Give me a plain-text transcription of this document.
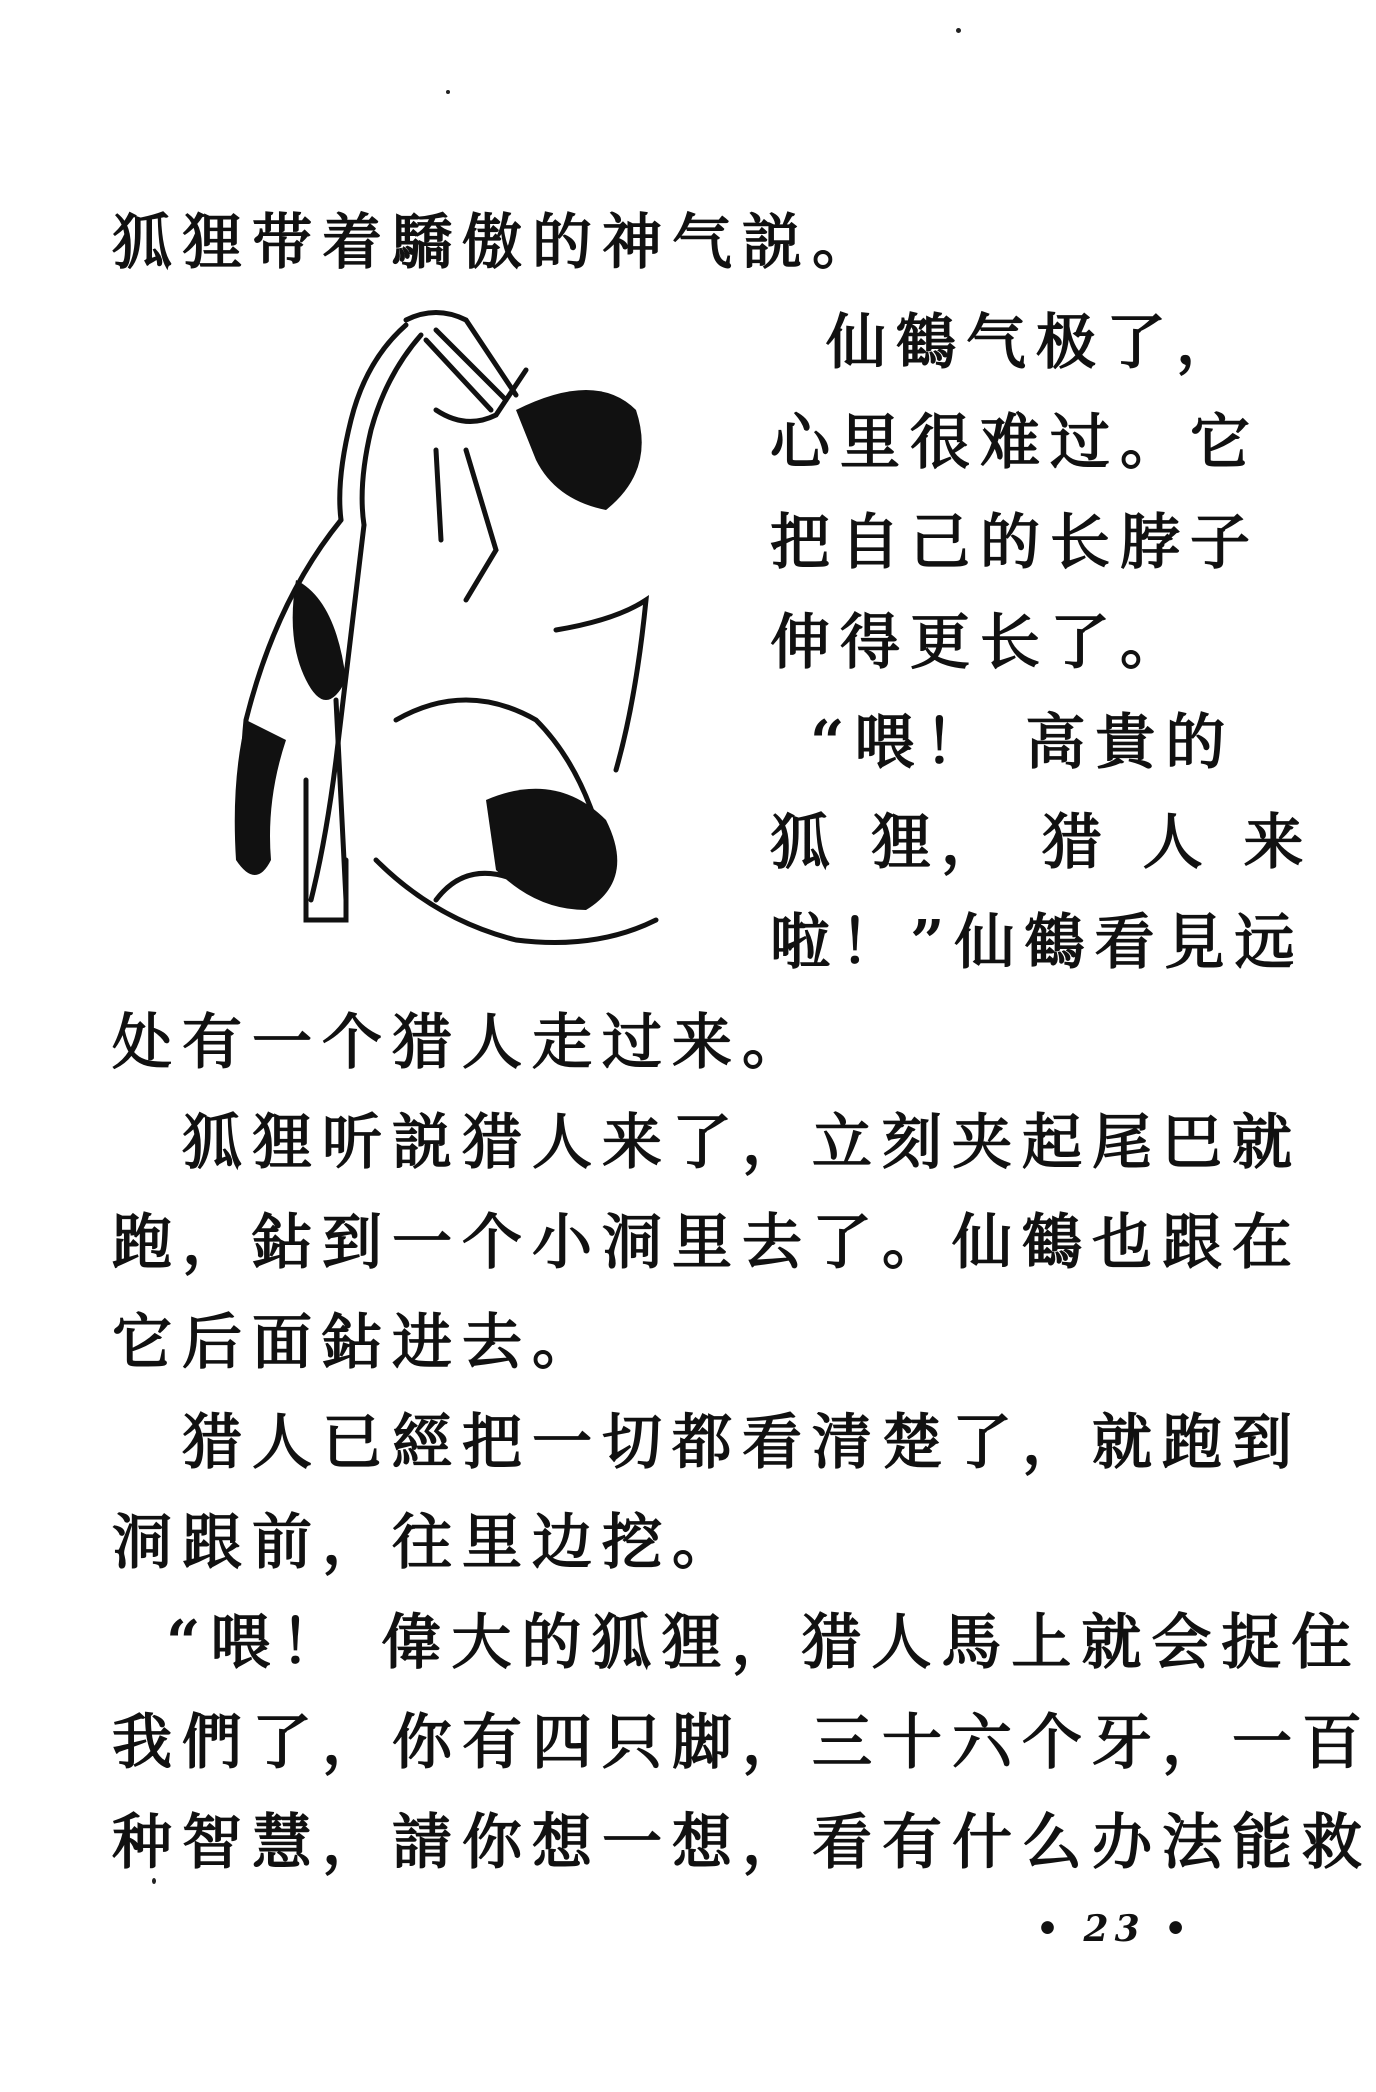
狐狸带着驕傲的神气説。
仙鶴气极了，
心里很难过。它
把自己的长脖子
伸得更长了。
“喂！ 高貴的
狐 狸， 猎 人 来
啦！”仙鶴看見远
处有一个猎人走过来。
狐狸听説猎人来了，立刻夹起尾巴就
跑，鉆到一个小洞里去了。仙鶴也跟在
它后面鉆进去。
猎人已經把一切都看清楚了，就跑到
洞跟前，往里边挖。
“喂！ 偉大的狐狸，猎人馬上就会捉住
我們了，你有四只脚，三十六个牙，一百
种智慧，請你想一想，看有什么办法能救
• 23 •
